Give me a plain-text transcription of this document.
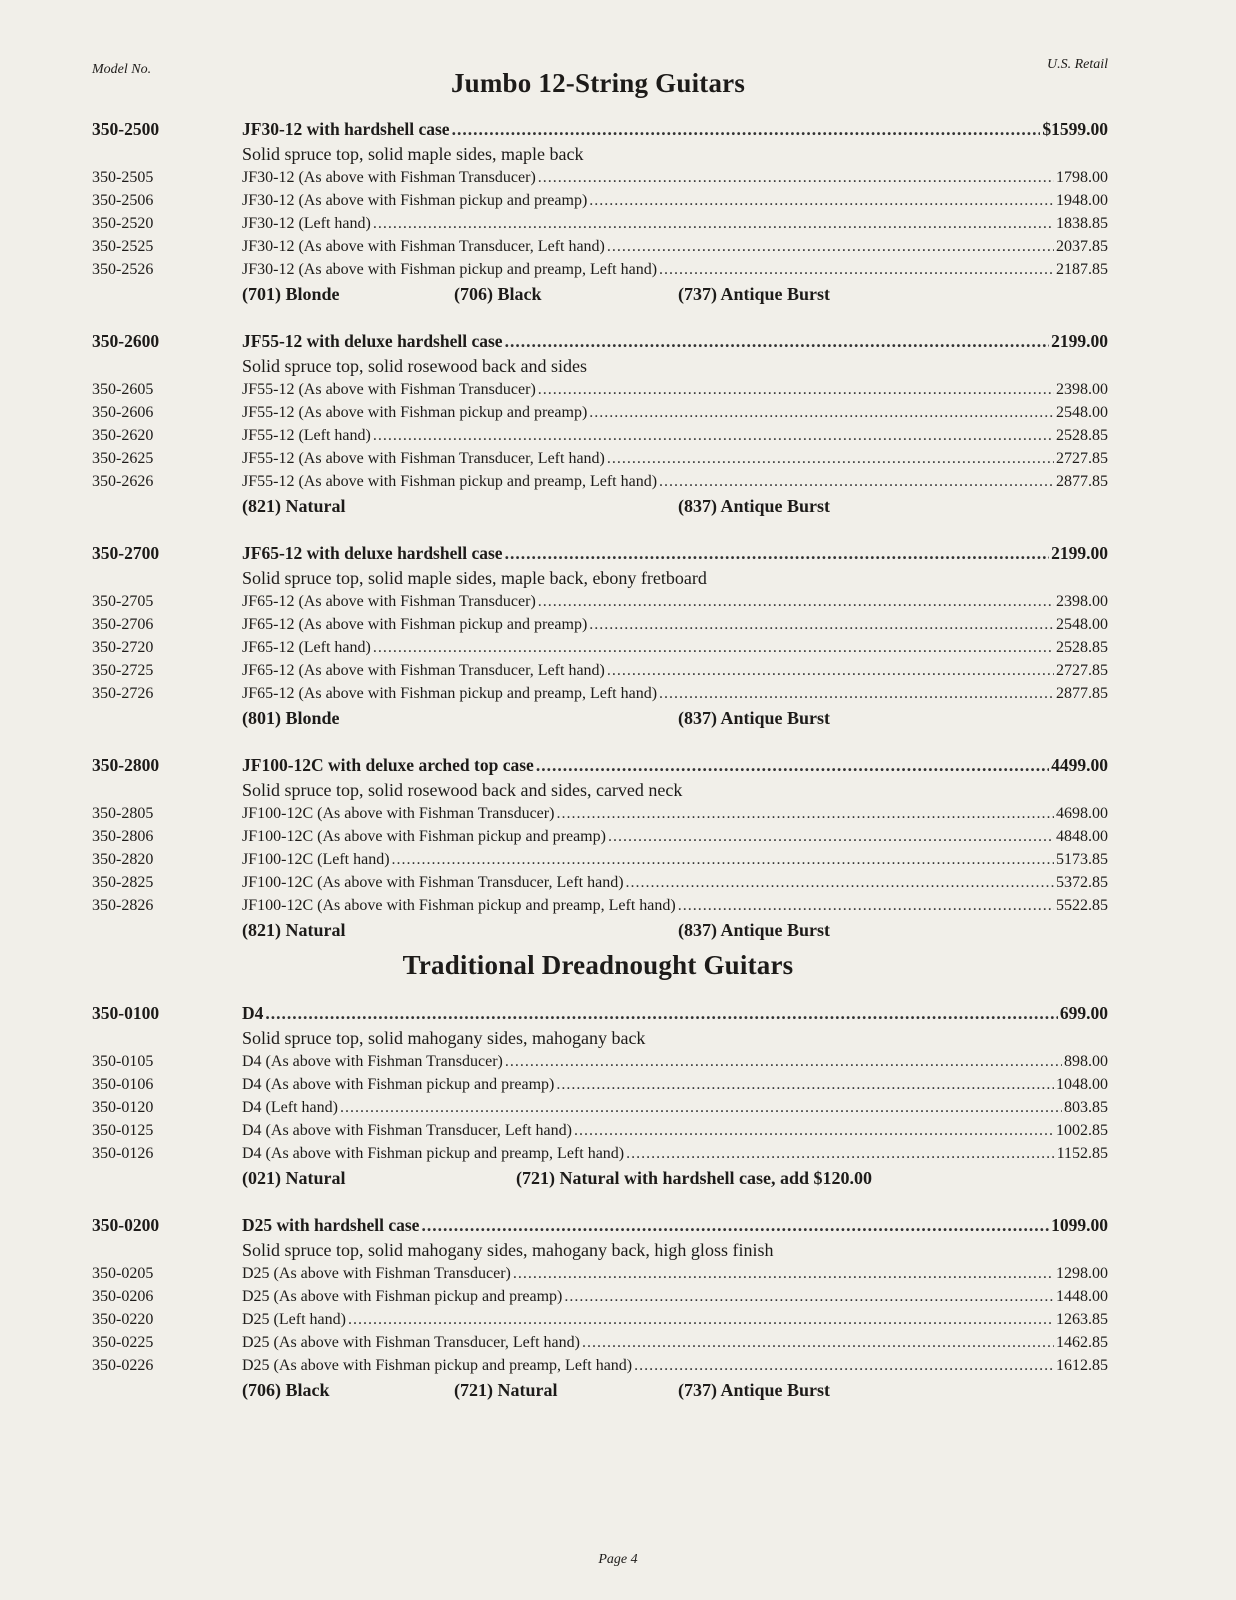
Model No.	U.S. Retail
Jumbo 12-String Guitars
350-2500	JF30-12 with hardshell case .....	$1599.00
Solid spruce top, solid maple sides, maple back
350-2505	JF30-12 (As above with Fishman Transducer) .....	1798.00
350-2506	JF30-12 (As above with Fishman pickup and preamp) .....	1948.00
350-2520	JF30-12 (Left hand) .....	1838.85
350-2525	JF30-12 (As above with Fishman Transducer, Left hand) .....	2037.85
350-2526	JF30-12 (As above with Fishman pickup and preamp, Left hand) .....	2187.85
(701) Blonde	(706) Black	(737) Antique Burst
350-2600	JF55-12 with deluxe hardshell case .....	2199.00
Solid spruce top, solid rosewood back and sides
350-2605	JF55-12 (As above with Fishman Transducer) .....	2398.00
350-2606	JF55-12 (As above with Fishman pickup and preamp) .....	2548.00
350-2620	JF55-12 (Left hand) .....	2528.85
350-2625	JF55-12 (As above with Fishman Transducer, Left hand) .....	2727.85
350-2626	JF55-12 (As above with Fishman pickup and preamp, Left hand) .....	2877.85
(821) Natural	(837) Antique Burst
350-2700	JF65-12 with deluxe hardshell case .....	2199.00
Solid spruce top, solid maple sides, maple back, ebony fretboard
350-2705	JF65-12 (As above with Fishman Transducer) .....	2398.00
350-2706	JF65-12 (As above with Fishman pickup and preamp) .....	2548.00
350-2720	JF65-12 (Left hand) .....	2528.85
350-2725	JF65-12 (As above with Fishman Transducer, Left hand) .....	2727.85
350-2726	JF65-12 (As above with Fishman pickup and preamp, Left hand) .....	2877.85
(801) Blonde	(837) Antique Burst
350-2800	JF100-12C with deluxe arched top case .....	4499.00
Solid spruce top, solid rosewood back and sides, carved neck
350-2805	JF100-12C (As above with Fishman Transducer) .....	4698.00
350-2806	JF100-12C (As above with Fishman pickup and preamp) .....	4848.00
350-2820	JF100-12C (Left hand) .....	5173.85
350-2825	JF100-12C (As above with Fishman Transducer, Left hand) .....	5372.85
350-2826	JF100-12C (As above with Fishman pickup and preamp, Left hand) .....	5522.85
(821) Natural	(837) Antique Burst
Traditional Dreadnought Guitars
350-0100	D4 .....	699.00
Solid spruce top, solid mahogany sides, mahogany back
350-0105	D4 (As above with Fishman Transducer) .....	898.00
350-0106	D4 (As above with Fishman pickup and preamp) .....	1048.00
350-0120	D4 (Left hand) .....	803.85
350-0125	D4 (As above with Fishman Transducer, Left hand) .....	1002.85
350-0126	D4 (As above with Fishman pickup and preamp, Left hand) .....	1152.85
(021) Natural	(721) Natural with hardshell case, add $120.00
350-0200	D25 with hardshell case .....	1099.00
Solid spruce top, solid mahogany sides, mahogany back, high gloss finish
350-0205	D25 (As above with Fishman Transducer) .....	1298.00
350-0206	D25 (As above with Fishman pickup and preamp) .....	1448.00
350-0220	D25 (Left hand) .....	1263.85
350-0225	D25 (As above with Fishman Transducer, Left hand) .....	1462.85
350-0226	D25 (As above with Fishman pickup and preamp, Left hand) .....	1612.85
(706) Black	(721) Natural	(737) Antique Burst
Page 4
